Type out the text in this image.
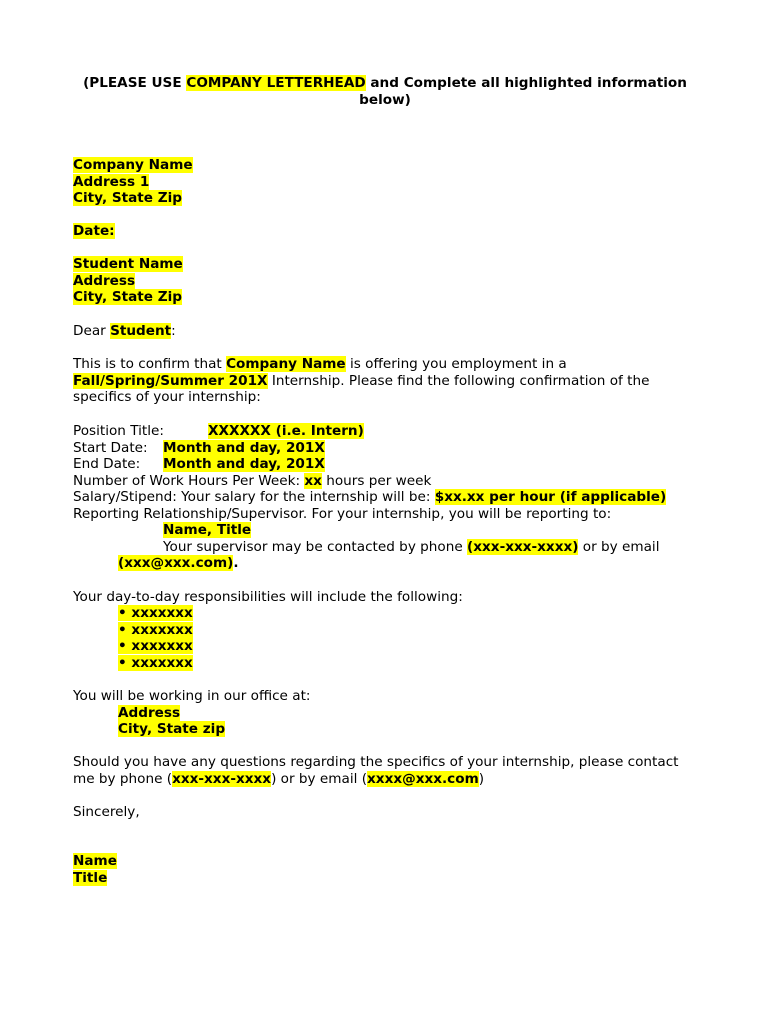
(PLEASE USE COMPANY LETTERHEAD and Complete all highlighted information below)
Company Name
Address 1
City, State Zip
Date:
Student Name
Address
City, State Zip
Dear Student:
This is to confirm that Company Name is offering you employment in a
Fall/Spring/Summer 201X Internship. Please find the following confirmation of the
specifics of your internship:
Position Title:	XXXXXX (i.e. Intern)
Start Date: Month and day, 201X
End Date: Month and day, 201X
Number of Work Hours Per Week: xx hours per week
Salary/Stipend: Your salary for the internship will be: $xx.xx per hour (if applicable)
Reporting Relationship/Supervisor. For your internship, you will be reporting to:
Name, Title
Your supervisor may be contacted by phone (xxx-xxx-xxxx) or by email
(xxx@xxx.com).
Your day-to-day responsibilities will include the following:
• xxxxxxx
• xxxxxxx
• xxxxxxx
• xxxxxxx
You will be working in our office at:
Address
City, State zip
Should you have any questions regarding the specifics of your internship, please contact
me by phone (xxx-xxx-xxxx) or by email (xxxx@xxx.com)
Sincerely,
Name
Title
